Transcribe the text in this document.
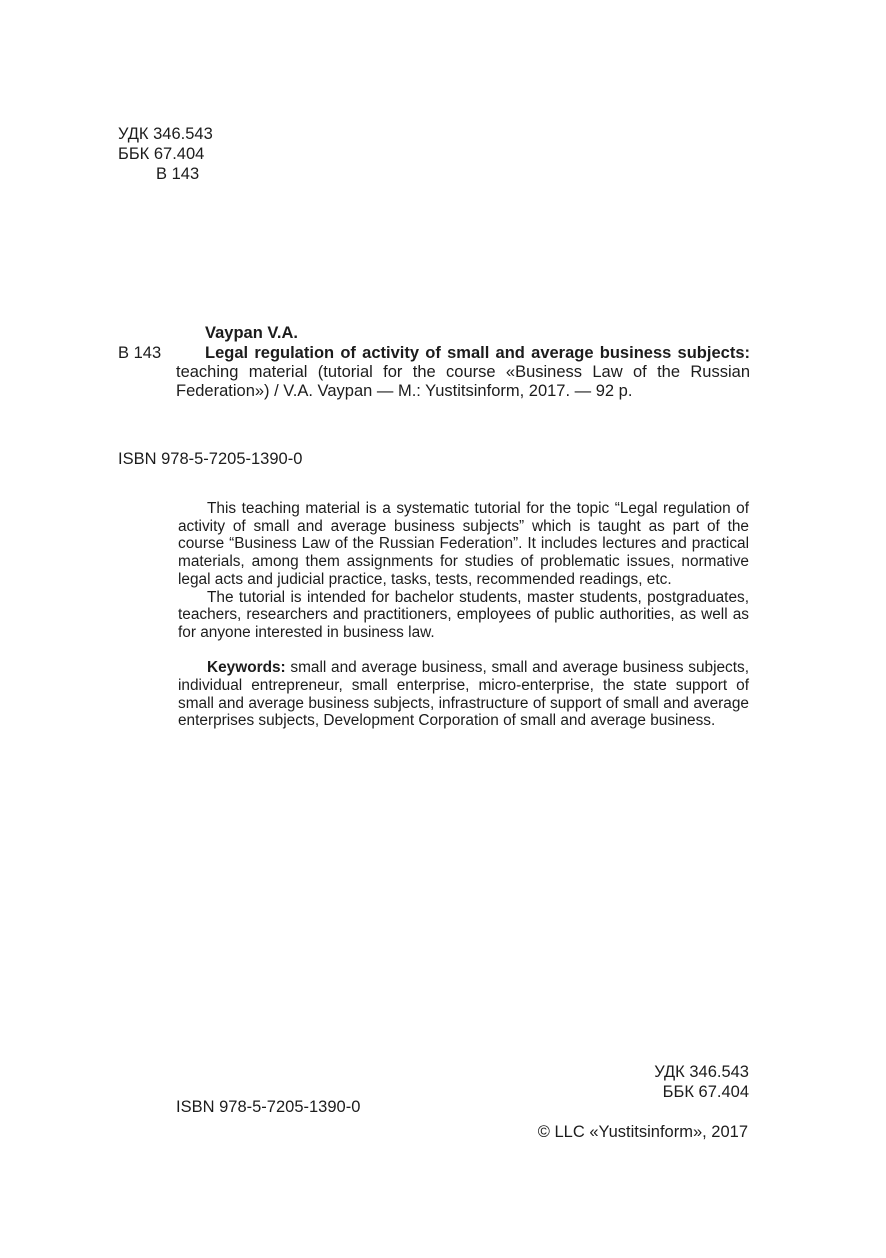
УДК 346.543
ББК 67.404
В 143
Vaypan V.A.
В 143	Legal regulation of activity of small and average business subjects: teaching material (tutorial for the course «Business Law of the Russian Federation») / V.A. Vaypan — M.: Yustitsinform, 2017. — 92 p.
ISBN 978-5-7205-1390-0

This teaching material is a systematic tutorial for the topic “Legal regulation of activity of small and average business subjects” which is taught as part of the course “Business Law of the Russian Federation”. It includes lectures and practical materials, among them assignments for studies of problematic issues, normative legal acts and judicial practice, tasks, tests, recommended readings, etc.

The tutorial is intended for bachelor students, master students, postgraduates, teachers, researchers and practitioners, employees of public authorities, as well as for anyone interested in business law.

Keywords: small and average business, small and average business subjects, individual entrepreneur, small enterprise, micro-enterprise, the state support of small and average business subjects, infrastructure of support of small and average enterprises subjects, Development Corporation of small and average business.

УДК 346.543
ББК 67.404
ISBN 978-5-7205-1390-0
© LLC «Yustitsinform», 2017
